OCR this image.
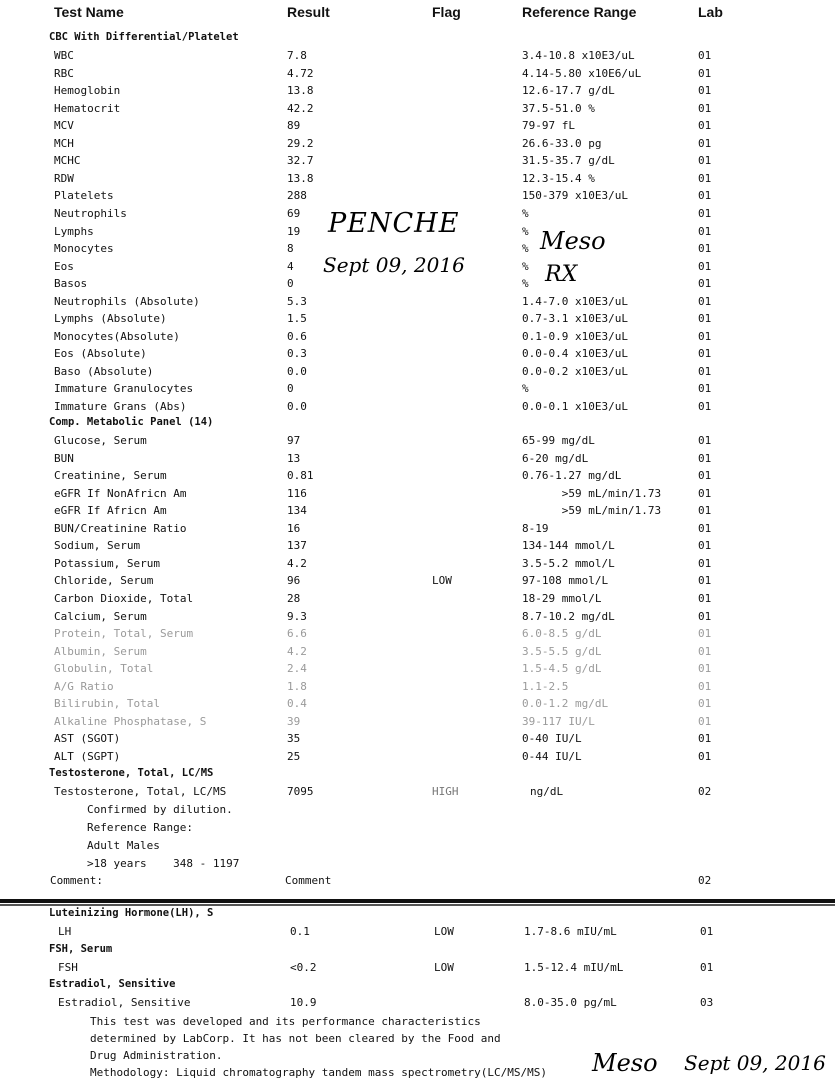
Test Name	Result	Flag	Reference Range	Lab
CBC With Differential/Platelet
WBC	7.8	3.4-10.8 x10E3/uL	01
RBC	4.72	4.14-5.80 x10E6/uL	01
Hemoglobin	13.8	12.6-17.7 g/dL	01
Hematocrit	42.2	37.5-51.0 %	01
MCV	89	79-97 fL	01
MCH	29.2	26.6-33.0 pg	01
MCHC	32.7	31.5-35.7 g/dL	01
RDW	13.8	12.3-15.4 %	01
Platelets	288	150-379 x10E3/uL	01
Neutrophils	69	%	01
Lymphs	19	%	01
Monocytes	8	%	01
Eos	4	%	01
Basos	0	%	01
Neutrophils (Absolute)	5.3	1.4-7.0 x10E3/uL	01
Lymphs (Absolute)	1.5	0.7-3.1 x10E3/uL	01
Monocytes(Absolute)	0.6	0.1-0.9 x10E3/uL	01
Eos (Absolute)	0.3	0.0-0.4 x10E3/uL	01
Baso (Absolute)	0.0	0.0-0.2 x10E3/uL	01
Immature Granulocytes	0	%	01
Immature Grans (Abs)	0.0	0.0-0.1 x10E3/uL	01
Comp. Metabolic Panel (14)
Glucose, Serum	97	65-99 mg/dL	01
BUN	13	6-20 mg/dL	01
Creatinine, Serum	0.81	0.76-1.27 mg/dL	01
eGFR If NonAfricn Am	116	>59 mL/min/1.73	01
eGFR If Africn Am	134	>59 mL/min/1.73	01
BUN/Creatinine Ratio	16	8-19	01
Sodium, Serum	137	134-144 mmol/L	01
Potassium, Serum	4.2	3.5-5.2 mmol/L	01
Chloride, Serum	96	LOW	97-108 mmol/L	01
Carbon Dioxide, Total	28	18-29 mmol/L	01
Calcium, Serum	9.3	8.7-10.2 mg/dL	01
Protein, Total, Serum	6.6	6.0-8.5 g/dL	01
Albumin, Serum	4.2	3.5-5.5 g/dL	01
Globulin, Total	2.4	1.5-4.5 g/dL	01
A/G Ratio	1.8	1.1-2.5	01
Bilirubin, Total	0.4	0.0-1.2 mg/dL	01
Alkaline Phosphatase, S	39	39-117 IU/L	01
AST (SGOT)	35	0-40 IU/L	01
ALT (SGPT)	25	0-44 IU/L	01
Testosterone, Total, LC/MS
Testosterone, Total, LC/MS	7095	HIGH	ng/dL	02
Confirmed by dilution.
Reference Range:
Adult Males
>18 years    348 - 1197
Comment:	Comment	02
Luteinizing Hormone(LH), S
LH	0.1	LOW	1.7-8.6 mIU/mL	01
FSH, Serum
FSH	<0.2	LOW	1.5-12.4 mIU/mL	01
Estradiol, Sensitive
Estradiol, Sensitive	10.9	8.0-35.0 pg/mL	03
This test was developed and its performance characteristics
determined by LabCorp. It has not been cleared by the Food and
Drug Administration.
Methodology: Liquid chromatography tandem mass spectrometry(LC/MS/MS)
PENCHE
Sept 09, 2016
Meso
RX
Meso Sept 09, 2016
